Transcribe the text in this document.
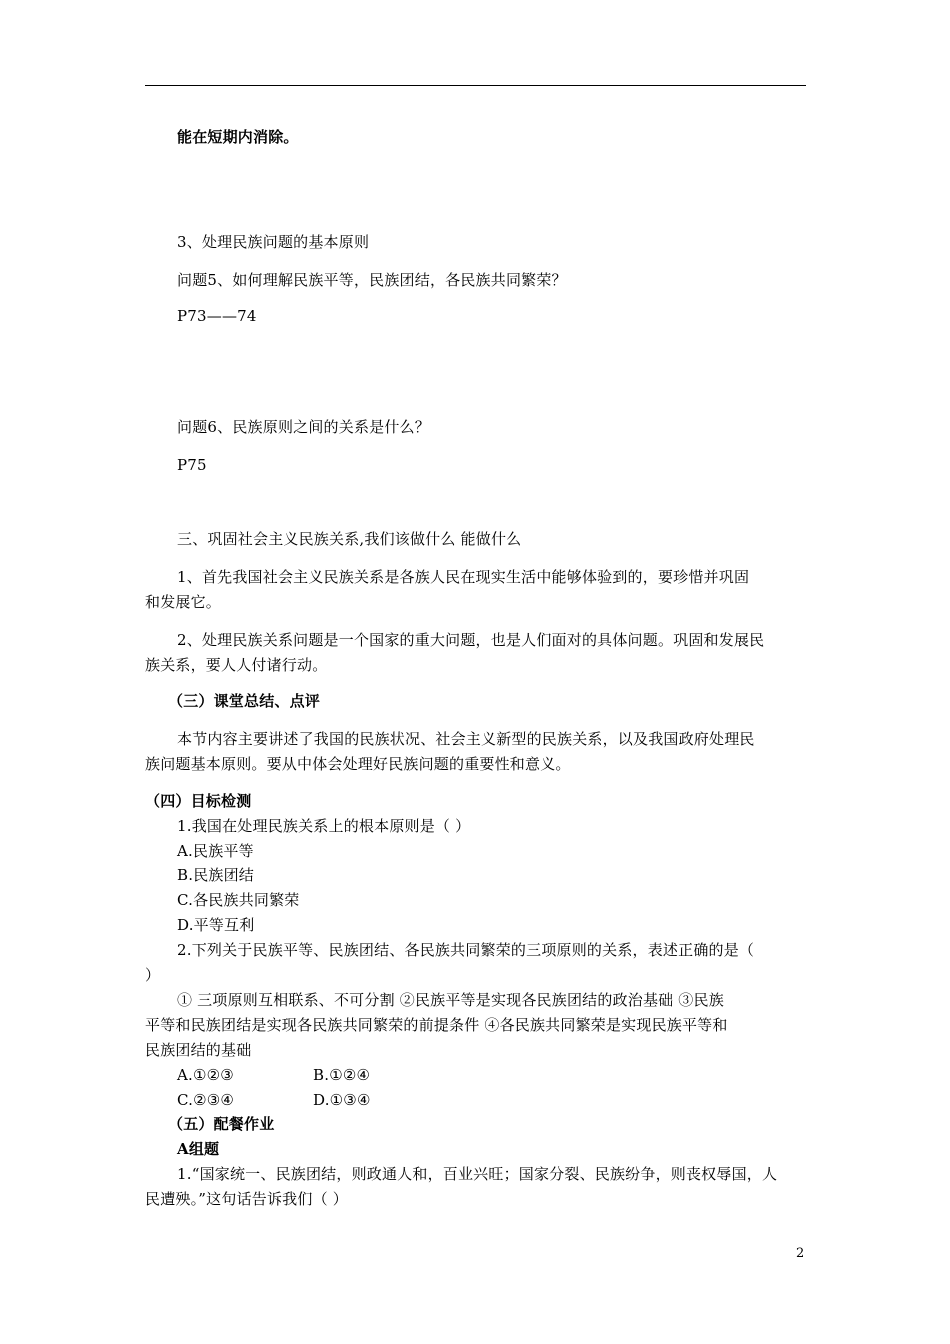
能在短期内消除。
3、处理民族问题的基本原则
问题5、如何理解民族平等，民族团结，各民族共同繁荣？
P73——74
问题6、民族原则之间的关系是什么？
P75
三、巩固社会主义民族关系,我们该做什么 能做什么
1、首先我国社会主义民族关系是各族人民在现实生活中能够体验到的，要珍惜并巩固
和发展它。
2、处理民族关系问题是一个国家的重大问题，也是人们面对的具体问题。巩固和发展民
族关系，要人人付诸行动。
（三）课堂总结、点评
本节内容主要讲述了我国的民族状况、社会主义新型的民族关系，以及我国政府处理民
族问题基本原则。要从中体会处理好民族问题的重要性和意义。
（四）目标检测
1.我国在处理民族关系上的根本原则是（ ）
A.民族平等
B.民族团结
C.各民族共同繁荣
D.平等互利
2.下列关于民族平等、民族团结、各民族共同繁荣的三项原则的关系，表述正确的是（
）
① 三项原则互相联系、不可分割 ②民族平等是实现各民族团结的政治基础 ③民族
平等和民族团结是实现各民族共同繁荣的前提条件 ④各民族共同繁荣是实现民族平等和
民族团结的基础
A.①②③	B.①②④
C.②③④	D.①③④
（五）配餐作业
A组题
1.“国家统一、民族团结，则政通人和，百业兴旺；国家分裂、民族纷争，则丧权辱国，人
民遭殃。”这句话告诉我们（ ）
2
